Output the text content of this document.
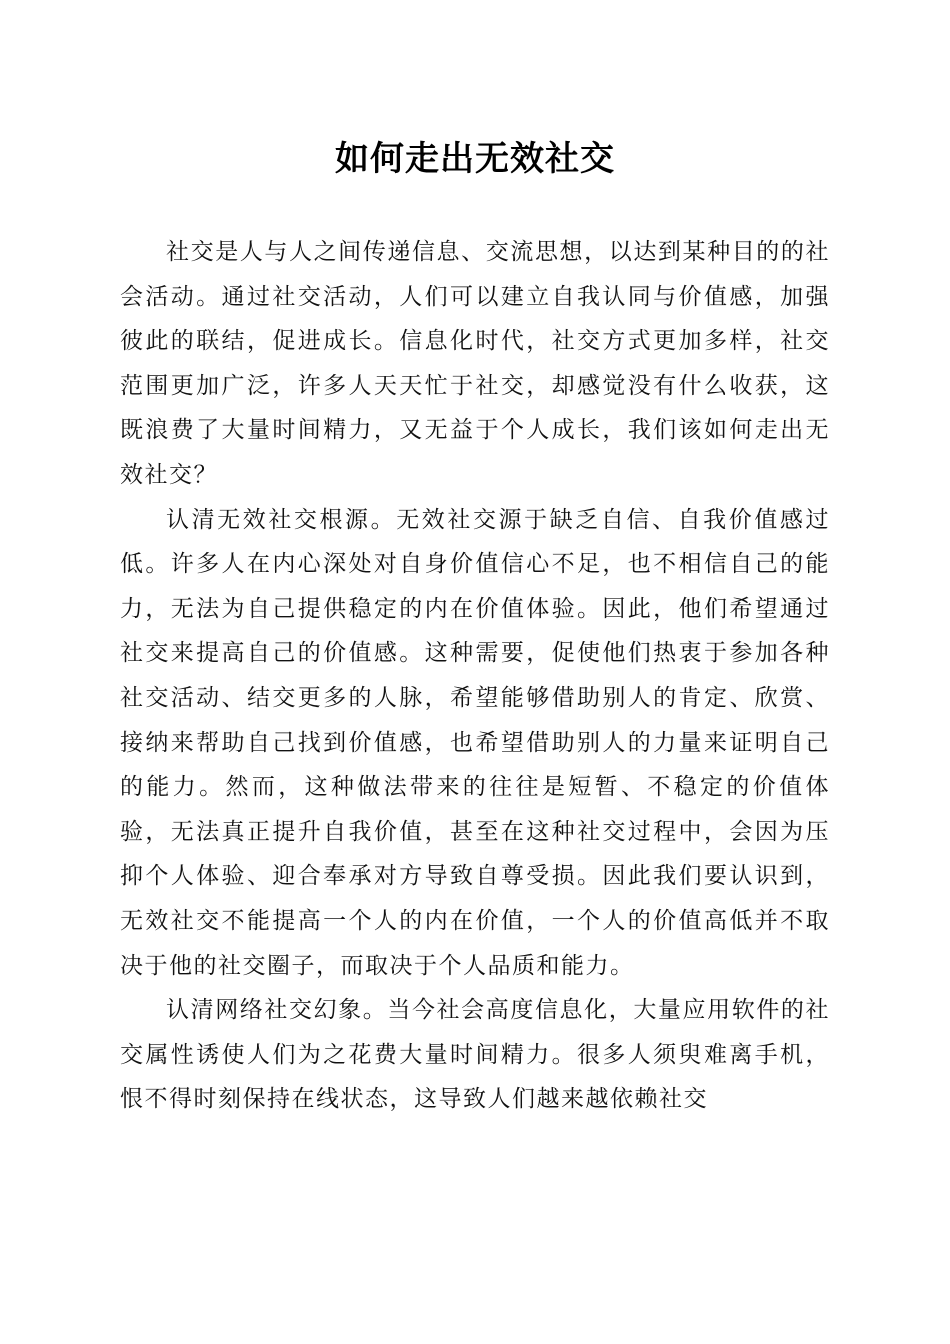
如何走出无效社交

社交是人与人之间传递信息、交流思想，以达到某种目的的社会活动。通过社交活动，人们可以建立自我认同与价值感，加强彼此的联结，促进成长。信息化时代，社交方式更加多样，社交范围更加广泛，许多人天天忙于社交，却感觉没有什么收获，这既浪费了大量时间精力，又无益于个人成长，我们该如何走出无效社交？

认清无效社交根源。无效社交源于缺乏自信、自我价值感过低。许多人在内心深处对自身价值信心不足，也不相信自己的能力，无法为自己提供稳定的内在价值体验。因此，他们希望通过社交来提高自己的价值感。这种需要，促使他们热衷于参加各种社交活动、结交更多的人脉，希望能够借助别人的肯定、欣赏、接纳来帮助自己找到价值感，也希望借助别人的力量来证明自己的能力。然而，这种做法带来的往往是短暂、不稳定的价值体验，无法真正提升自我价值，甚至在这种社交过程中，会因为压抑个人体验、迎合奉承对方导致自尊受损。因此我们要认识到，无效社交不能提高一个人的内在价值，一个人的价值高低并不取决于他的社交圈子，而取决于个人品质和能力。

认清网络社交幻象。当今社会高度信息化，大量应用软件的社交属性诱使人们为之花费大量时间精力。很多人须臾难离手机，恨不得时刻保持在线状态，这导致人们越来越依赖社交
